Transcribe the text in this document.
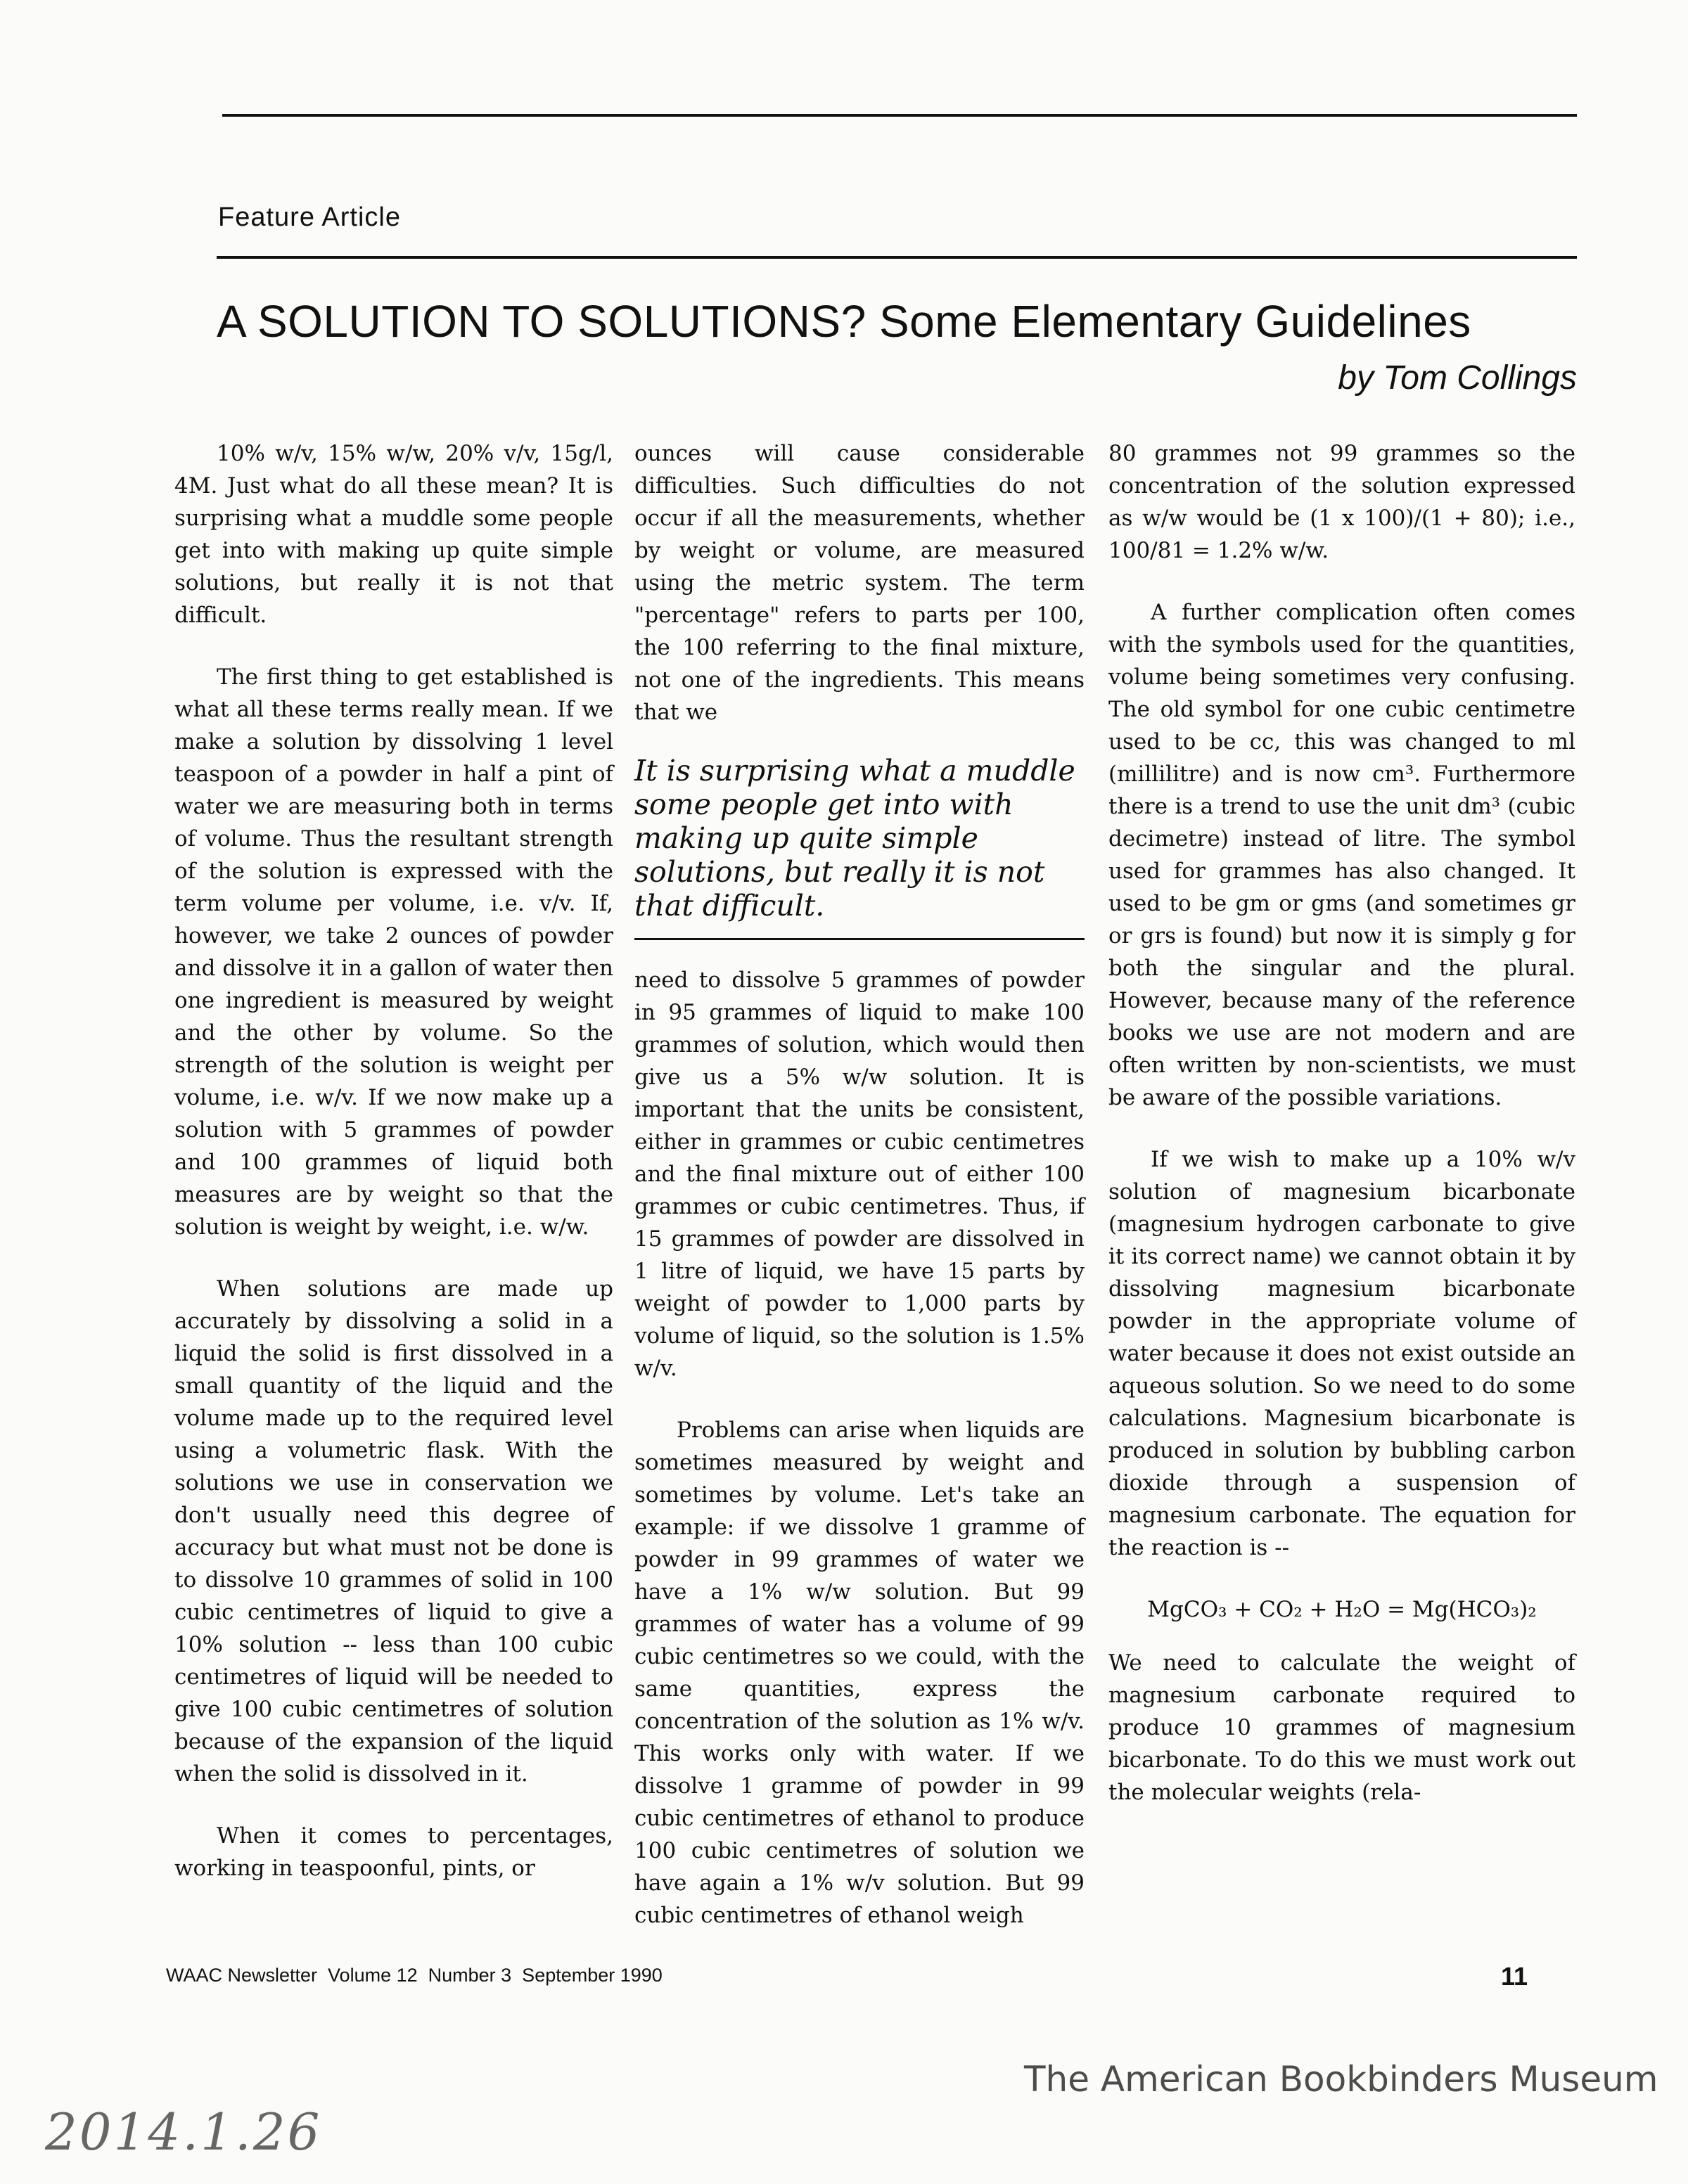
Feature Article
A SOLUTION TO SOLUTIONS? Some Elementary Guidelines
by Tom Collings

10% w/v, 15% w/w, 20% v/v, 15g/l, 4M. Just what do all these mean? It is surprising what a muddle some people get into with making up quite simple solutions, but really it is not that difficult.

The first thing to get established is what all these terms really mean. If we make a solution by dissolving 1 level teaspoon of a powder in half a pint of water we are measuring both in terms of volume. Thus the resultant strength of the solution is expressed with the term volume per volume, i.e. v/v. If, however, we take 2 ounces of powder and dissolve it in a gallon of water then one ingredient is measured by weight and the other by volume. So the strength of the solution is weight per volume, i.e. w/v. If we now make up a solution with 5 grammes of powder and 100 grammes of liquid both measures are by weight so that the solution is weight by weight, i.e. w/w.

When solutions are made up accurately by dissolving a solid in a liquid the solid is first dissolved in a small quantity of the liquid and the volume made up to the required level using a volumetric flask. With the solutions we use in conservation we don't usually need this degree of accuracy but what must not be done is to dissolve 10 grammes of solid in 100 cubic centimetres of liquid to give a 10% solution -- less than 100 cubic centimetres of liquid will be needed to give 100 cubic centimetres of solution because of the expansion of the liquid when the solid is dissolved in it.

When it comes to percentages, working in teaspoonful, pints, or

ounces will cause considerable difficulties. Such difficulties do not occur if all the measurements, whether by weight or volume, are measured using the metric system. The term "percentage" refers to parts per 100, the 100 referring to the final mixture, not one of the ingredients. This means that we

It is surprising what a muddle some people get into with making up quite simple solutions, but really it is not that difficult.

need to dissolve 5 grammes of powder in 95 grammes of liquid to make 100 grammes of solution, which would then give us a 5% w/w solution. It is important that the units be consistent, either in grammes or cubic centimetres and the final mixture out of either 100 grammes or cubic centimetres. Thus, if 15 grammes of powder are dissolved in 1 litre of liquid, we have 15 parts by weight of powder to 1,000 parts by volume of liquid, so the solution is 1.5% w/v.

Problems can arise when liquids are sometimes measured by weight and sometimes by volume. Let's take an example: if we dissolve 1 gramme of powder in 99 grammes of water we have a 1% w/w solution. But 99 grammes of water has a volume of 99 cubic centimetres so we could, with the same quantities, express the concentration of the solution as 1% w/v. This works only with water. If we dissolve 1 gramme of powder in 99 cubic centimetres of ethanol to produce 100 cubic centimetres of solution we have again a 1% w/v solution. But 99 cubic centimetres of ethanol weigh

80 grammes not 99 grammes so the concentration of the solution expressed as w/w would be (1 x 100)/(1 + 80); i.e., 100/81 = 1.2% w/w.

A further complication often comes with the symbols used for the quantities, volume being sometimes very confusing. The old symbol for one cubic centimetre used to be cc, this was changed to ml (millilitre) and is now cm³. Furthermore there is a trend to use the unit dm³ (cubic decimetre) instead of litre. The symbol used for grammes has also changed. It used to be gm or gms (and sometimes gr or grs is found) but now it is simply g for both the singular and the plural. However, because many of the reference books we use are not modern and are often written by non-scientists, we must be aware of the possible variations.

If we wish to make up a 10% w/v solution of magnesium bicarbonate (magnesium hydrogen carbonate to give it its correct name) we cannot obtain it by dissolving magnesium bicarbonate powder in the appropriate volume of water because it does not exist outside an aqueous solution. So we need to do some calculations. Magnesium bicarbonate is produced in solution by bubbling carbon dioxide through a suspension of magnesium carbonate. The equation for the reaction is --

MgCO₃ + CO₂ + H₂O = Mg(HCO₃)₂

We need to calculate the weight of magnesium carbonate required to produce 10 grammes of magnesium bicarbonate. To do this we must work out the molecular weights (rela-

WAAC Newsletter  Volume 12  Number 3  September 1990	11
The American Bookbinders Museum
2014.1.26
